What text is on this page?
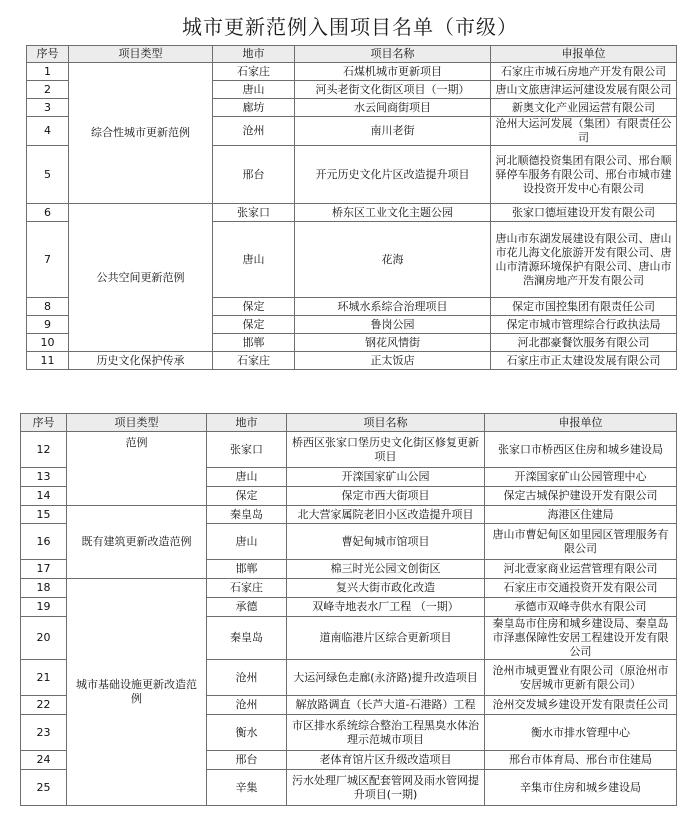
城市更新范例入围项目名单（市级）
序号	项目类型	地市	项目名称	申报单位
1	综合性城市更新范例	石家庄	石煤机城市更新项目	石家庄市城石房地产开发有限公司
2		唐山	河头老街文化街区项目（一期）	唐山文旅唐津运河建设发展有限公司
3		廊坊	水云间商街项目	新奥文化产业园运营有限公司
4		沧州	南川老街	沧州大运河发展（集团）有限责任公司
5		邢台	开元历史文化片区改造提升项目	河北顺德投资集团有限公司、邢台顺驿停车服务有限公司、邢台市城市建设投资开发中心有限公司
6	公共空间更新范例	张家口	桥东区工业文化主题公园	张家口德垣建设开发有限公司
7		唐山	花海	唐山市东湖发展建设有限公司、唐山市花儿海文化旅游开发有限公司、唐山市清源环境保护有限公司、唐山市浩澜房地产开发有限公司
8		保定	环城水系综合治理项目	保定市国控集团有限责任公司
9		保定	鲁岗公园	保定市城市管理综合行政执法局
10		邯郸	钢花风情街	河北郡豪餐饮服务有限公司
11	历史文化保护传承	石家庄	正太饭店	石家庄市正太建设发展有限公司
序号	项目类型	地市	项目名称	申报单位
12	范例	张家口	桥西区张家口堡历史文化街区修复更新项目	张家口市桥西区住房和城乡建设局
13		唐山	开滦国家矿山公园	开滦国家矿山公园管理中心
14		保定	保定市西大街项目	保定古城保护建设开发有限公司
15	既有建筑更新改造范例	秦皇岛	北大营家属院老旧小区改造提升项目	海港区住建局
16		唐山	曹妃甸城市馆项目	唐山市曹妃甸区如里园区管理服务有限公司
17		邯郸	棉三时光公园文创街区	河北壹家商业运营管理有限公司
18	城市基础设施更新改造范例	石家庄	复兴大街市政化改造	石家庄市交通投资开发有限公司
19		承德	双峰寺地表水厂工程 （一期）	承德市双峰寺供水有限公司
20		秦皇岛	道南临港片区综合更新项目	秦皇岛市住房和城乡建设局、秦皇岛市泽惠保障性安居工程建设开发有限公司
21		沧州	大运河绿色走廊(永济路)提升改造项目	沧州市城更置业有限公司（原沧州市安居城市更新有限公司）
22		沧州	解放路调直（长芦大道-石港路）工程	沧州交发城乡建设开发有限责任公司
23		衡水	市区排水系统综合整治工程黑臭水体治理示范城市项目	衡水市排水管理中心
24		邢台	老体育馆片区升级改造项目	邢台市体育局、邢台市住建局
25		辛集	污水处理厂城区配套管网及雨水管网提升项目(一期)	辛集市住房和城乡建设局
